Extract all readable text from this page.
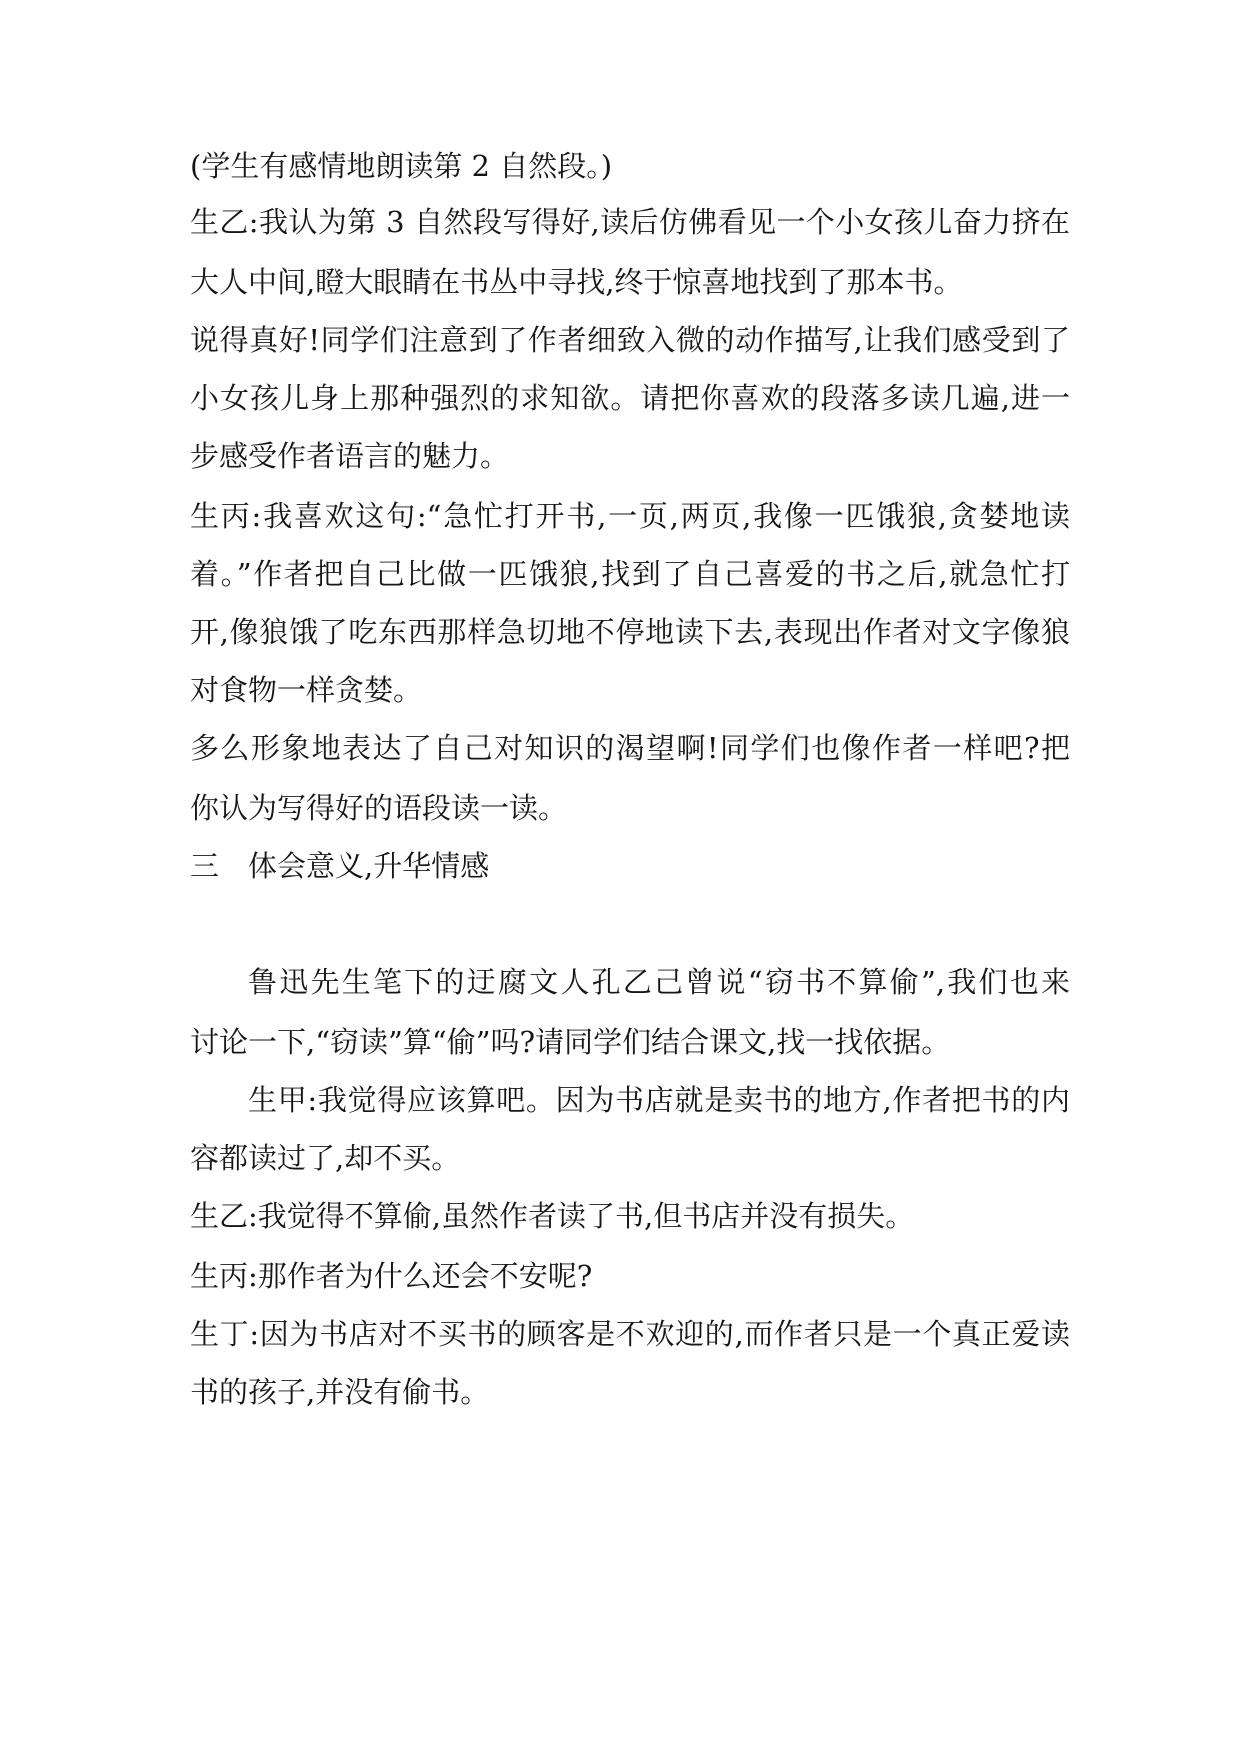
(学生有感情地朗读第 2 自然段。)
生乙:我认为第 3 自然段写得好,读后仿佛看见一个小女孩儿奋力挤在
大人中间,瞪大眼睛在书丛中寻找,终于惊喜地找到了那本书。
说得真好!同学们注意到了作者细致入微的动作描写,让我们感受到了
小女孩儿身上那种强烈的求知欲。请把你喜欢的段落多读几遍,进一
步感受作者语言的魅力。
生丙:我喜欢这句:“急忙打开书,一页,两页,我像一匹饿狼,贪婪地读
着。”作者把自己比做一匹饿狼,找到了自己喜爱的书之后,就急忙打
开,像狼饿了吃东西那样急切地不停地读下去,表现出作者对文字像狼
对食物一样贪婪。
多么形象地表达了自己对知识的渴望啊!同学们也像作者一样吧?把
你认为写得好的语段读一读。
三 体会意义,升华情感
鲁迅先生笔下的迂腐文人孔乙己曾说“窃书不算偷”,我们也来
讨论一下,“窃读”算“偷”吗?请同学们结合课文,找一找依据。
生甲:我觉得应该算吧。因为书店就是卖书的地方,作者把书的内
容都读过了,却不买。
生乙:我觉得不算偷,虽然作者读了书,但书店并没有损失。
生丙:那作者为什么还会不安呢?
生丁:因为书店对不买书的顾客是不欢迎的,而作者只是一个真正爱读
书的孩子,并没有偷书。
